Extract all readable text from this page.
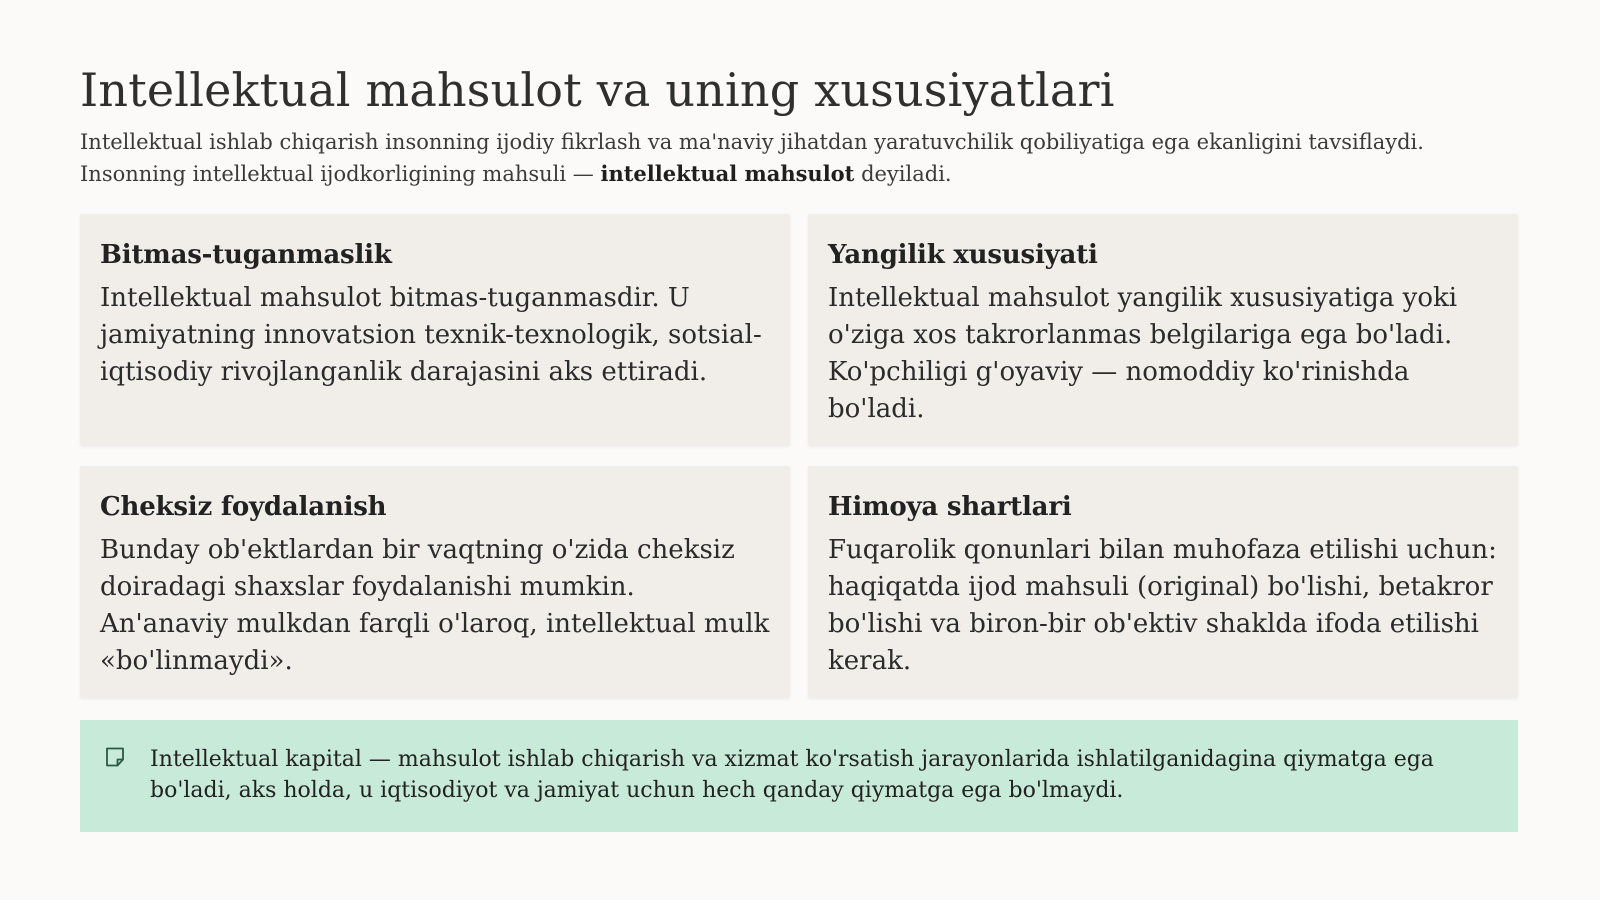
Intellektual mahsulot va uning xususiyatlari
Intellektual ishlab chiqarish insonning ijodiy fikrlash va ma'naviy jihatdan yaratuvchilik qobiliyatiga ega ekanligini tavsiflaydi.
Insonning intellektual ijodkorligining mahsuli — intellektual mahsulot deyiladi.
Bitmas-tuganmaslik
Intellektual mahsulot bitmas-tuganmasdir. U jamiyatning innovatsion texnik-texnologik, sotsial-iqtisodiy rivojlanganlik darajasini aks ettiradi.
Yangilik xususiyati
Intellektual mahsulot yangilik xususiyatiga yoki o'ziga xos takrorlanmas belgilariga ega bo'ladi. Ko'pchiligi g'oyaviy — nomoddiy ko'rinishda bo'ladi.
Cheksiz foydalanish
Bunday ob'ektlardan bir vaqtning o'zida cheksiz doiradagi shaxslar foydalanishi mumkin. An'anaviy mulkdan farqli o'laroq, intellektual mulk «bo'linmaydi».
Himoya shartlari
Fuqarolik qonunlari bilan muhofaza etilishi uchun: haqiqatda ijod mahsuli (original) bo'lishi, betakror bo'lishi va biron-bir ob'ektiv shaklda ifoda etilishi kerak.
Intellektual kapital — mahsulot ishlab chiqarish va xizmat ko'rsatish jarayonlarida ishlatilganidagina qiymatga ega bo'ladi, aks holda, u iqtisodiyot va jamiyat uchun hech qanday qiymatga ega bo'lmaydi.
